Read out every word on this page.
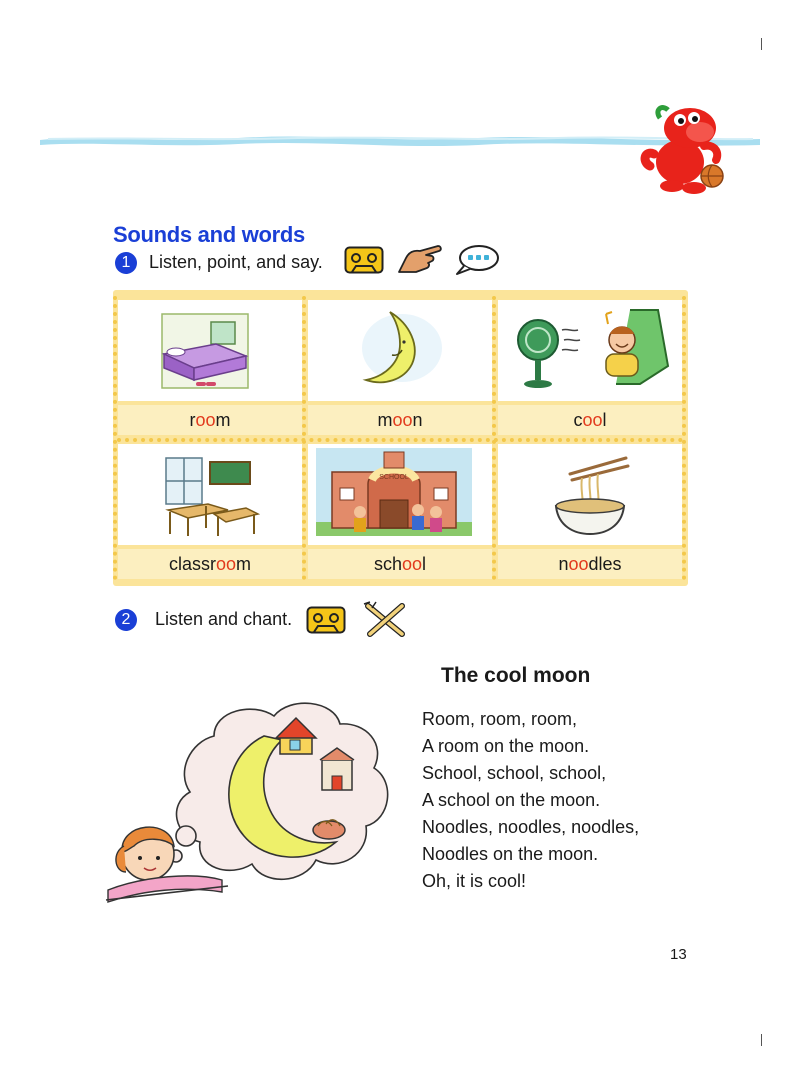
Sounds and words
1	Listen, point, and say.
room	moon	cool
SCHOOL
classroom	school	noodles
2	Listen and chant.
The cool moon
Room, room, room,
A room on the moon.
School, school, school,
A school on the moon.
Noodles, noodles, noodles,
Noodles on the moon.
Oh, it is cool!
13
